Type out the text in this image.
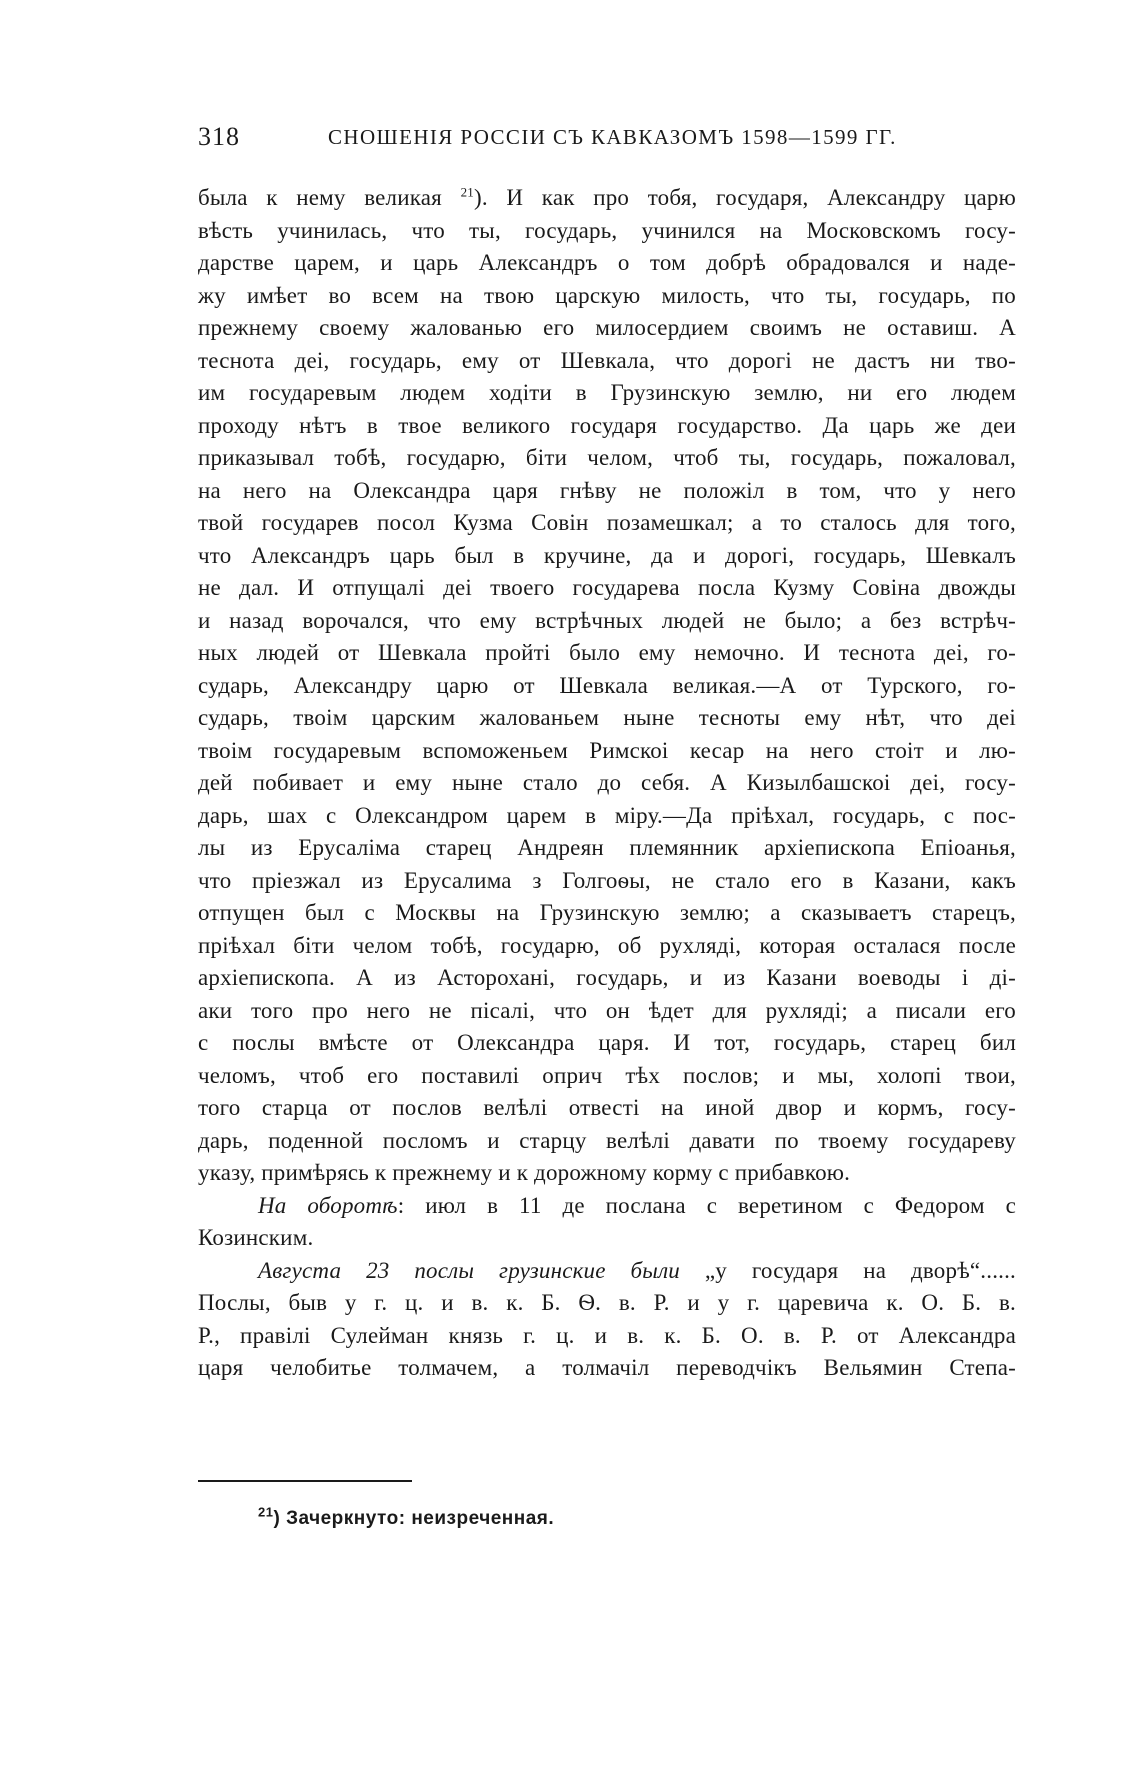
318	СНОШЕНІЯ РОССІИ СЪ КАВКАЗОМЪ 1598—1599 ГГ.
была к нему великая $^{21}$). И как про тобя, государя, Александру царю
вѣсть учинилась, что ты, государь, учинился на Московскомъ госу-
дарстве царем, и царь Александръ о том добрѣ обрадовался и наде-
жу имѣет во всем на твою царскую милость, что ты, государь, по
прежнему своему жалованью его милосердием своимъ не оставиш. А
теснота деі, государь, ему от Шевкала, что дорогі не дастъ ни тво-
им государевым людем ходіти в Грузинскую землю, ни его людем
проходу нѣтъ в твое великого государя государство. Да царь же деи
приказывал тобѣ, государю, біти челом, чтоб ты, государь, пожаловал,
на него на Олександра царя гнѣву не положіл в том, что у него
твой государев посол Кузма Совін позамешкал; а то сталось для того,
что Александръ царь был в кручине, да и дорогі, государь, Шевкалъ
не дал. И отпущалі деі твоего государева посла Кузму Совіна двожды
и назад ворочался, что ему встрѣчных людей не было; а без встрѣч-
ных людей от Шевкала пройті было ему немочно. И теснота деі, го-
сударь, Александру царю от Шевкала великая.—А от Турского, го-
сударь, твоім царским жалованьем ныне тесноты ему нѣт, что деі
твоім государевым вспоможеньем Римскоі кесар на него стоіт и лю-
дей побивает и ему ныне стало до себя. А Кизылбашскоі деі, госу-
дарь, шах с Олександром царем в міру.—Да пріѣхал, государь, с пос-
лы из Ерусаліма старец Андреян племянник архіепископа Епіоанья,
что пріезжал из Ерусалима з Голгоѳы, не стало его в Казани, какъ
отпущен был с Москвы на Грузинскую землю; а сказываетъ старецъ,
пріѣхал біти челом тобѣ, государю, об рухляді, которая осталася после
архіепископа. А из Асторохані, государь, и из Казани воеводы і ді-
аки того про него не пісалі, что он ѣдет для рухляді; а писали его
с послы вмѣсте от Олександра царя. И тот, государь, старец бил
челомъ, чтоб его поставилі оприч тѣх послов; и мы, холопі твои,
того старца от послов велѣлі отвестi на иной двор и кормъ, госу-
дарь, поденной посломъ и старцу велѣлі давати по твоему государеву
указу, примѣрясь к прежнему и к дорожному корму с прибавкою.
На оборотѣ: июл в 11 де послана с веретином с Федором с
Козинским.
Августа 23 послы грузинские были „у государя на дворѣ“......
Послы, быв у г. ц. и в. к. Б. Ѳ. в. Р. и у г. царевича к. О. Б. в.
Р., правілі Сулейман князь г. ц. и в. к. Б. О. в. Р. от Александра
царя челобитье толмачем, а толмачіл переводчікъ Вельямин Степа-
$^{21}$) Зачеркнуто: неизреченная.
